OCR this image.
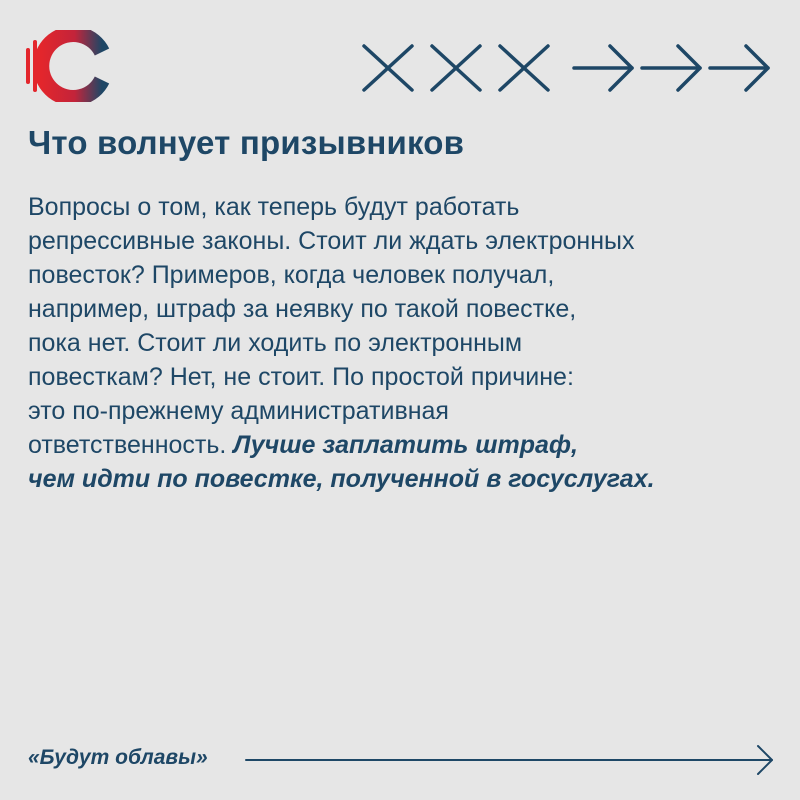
Что волнует призывников

Вопросы о том, как теперь будут работать
репрессивные законы. Стоит ли ждать электронных
повесток? Примеров, когда человек получал,
например, штраф за неявку по такой повестке,
пока нет. Стоит ли ходить по электронным
повесткам? Нет, не стоит. По простой причине:
это по-прежнему административная
ответственность. Лучше заплатить штраф,
чем идти по повестке, полученной в госуслугах.

«Будут облавы»
